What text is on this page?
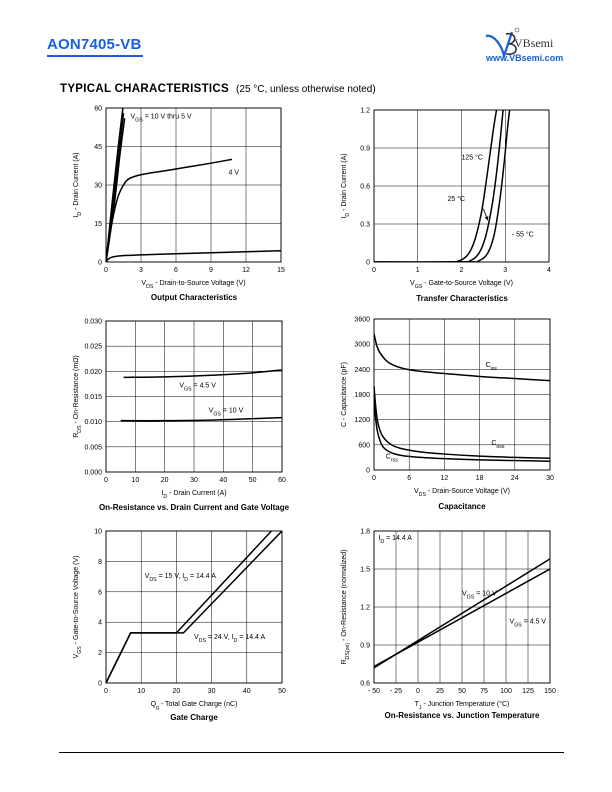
AON7405-VB	VBsemi
www.VBsemi.com
TYPICAL CHARACTERISTICS (25 °C, unless otherwise noted)
0	3	6	9	12	15
0
15
30
45
60
$V_{DS}$ - Drain-to-Source Voltage (V)
$I_D$ - Drain Current (A)
$V_{GS} = 10$ V thru 5 V
4 V
Output Characteristics
0	1	2	3	4
0
0.3
0.6
0.9
1.2
$V_{GS}$ - Gate-to-Source Voltage (V)
$I_D$ - Drain Current (A)	125 °C
25 °C
- 55 °C
Transfer Characteristics
0	10	20	30	40	50	60
0.000
0.005
0.010
0.015
0.020
0.025
0.030
$I_D$ - Drain Current (A)
$R_{DS}$ - On-Resistance (mΩ)	$V_{GS} = 4.5$ V
$V_{GS} = 10$ V
On-Resistance vs. Drain Current and Gate Voltage
0	6	12	18	24	30
0
600
1200
1800
2400
3000
3600
$V_{DS}$ - Drain-Source Voltage (V)
C - Capacitance (pF)	$C_{iss}$
$C_{oss}$
$C_{rss}$
Capacitance
0	10	20	30	40	50
0
2
4
6
8
10
$Q_g$ - Total Gate Charge (nC)
$V_{GS}$ - Gate-to-Source Voltage (V)	$V_{DS} = 15$ V, $I_D = 14.4$ A
$V_{DS} = 24$ V, $I_D = 14.4$ A
Gate Charge
- 50 - 25 0 25 50 75 100 125 150
0.6
0.9
1.2
1.5
1.8
$T_J$ - Junction Temperature (°C)
$R_{DS(on)}$ - On-Resistance (normalized)
$I_D = 14.4$ A
$V_{GS} = 10$ V
$V_{GS} = 4.5$ V
On-Resistance vs. Junction Temperature
